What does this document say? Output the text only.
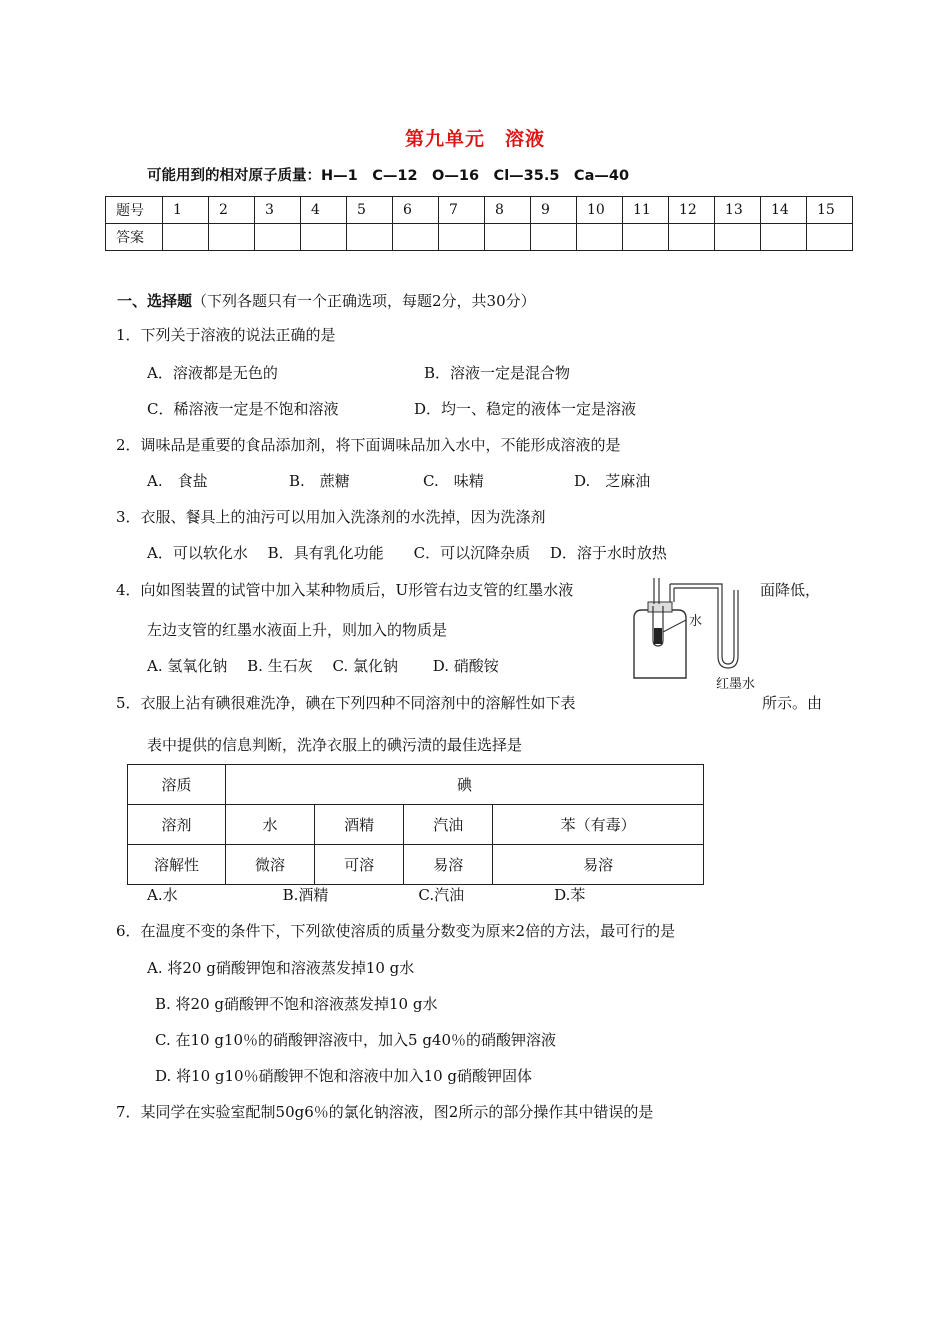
第九单元　溶液
可能用到的相对原子质量：H—1　C—12　O—16　Cl—35.5　Ca—40
题号	1	2	3	4	5	6	7	8	9	10	11	12	13	14	15
答案															
一、选择题（下列各题只有一个正确选项，每题2分，共30分）
1．下列关于溶液的说法正确的是
A．溶液都是无色的	B．溶液一定是混合物
C．稀溶液一定是不饱和溶液	D．均一、稳定的液体一定是溶液
2．调味品是重要的食品添加剂，将下面调味品加入水中，不能形成溶液的是
A.　食盐	B.　蔗糖	C.　味精	D.　芝麻油
3．衣服、餐具上的油污可以用加入洗涤剂的水洗掉，因为洗涤剂
A．可以软化水　 B．具有乳化功能　　C．可以沉降杂质　 D．溶于水时放热
4．向如图装置的试管中加入某种物质后，U形管右边支管的红墨水液	面降低，
左边支管的红墨水液面上升，则加入的物质是
A. 氢氧化钠　 B. 生石灰　 C. 氯化钠　　 D. 硝酸铵
水
红墨水
5．衣服上沾有碘很难洗净，碘在下列四种不同溶剂中的溶解性如下表	所示。由
表中提供的信息判断，洗净衣服上的碘污渍的最佳选择是
溶质	碘			
溶剂	水	酒精	汽油	苯（有毒）
溶解性	微溶	可溶	易溶	易溶
A.水　　　　　　　B.酒精　　　　　　C.汽油　　　　　　D.苯
6．在温度不变的条件下，下列欲使溶质的质量分数变为原来2倍的方法，最可行的是
A. 将20 g硝酸钾饱和溶液蒸发掉10 g水
B. 将20 g硝酸钾不饱和溶液蒸发掉10 g水
C. 在10 g10％的硝酸钾溶液中，加入5 g40％的硝酸钾溶液
D. 将10 g10％硝酸钾不饱和溶液中加入10 g硝酸钾固体
7．某同学在实验室配制50g6％的氯化钠溶液，图2所示的部分操作其中错误的是
